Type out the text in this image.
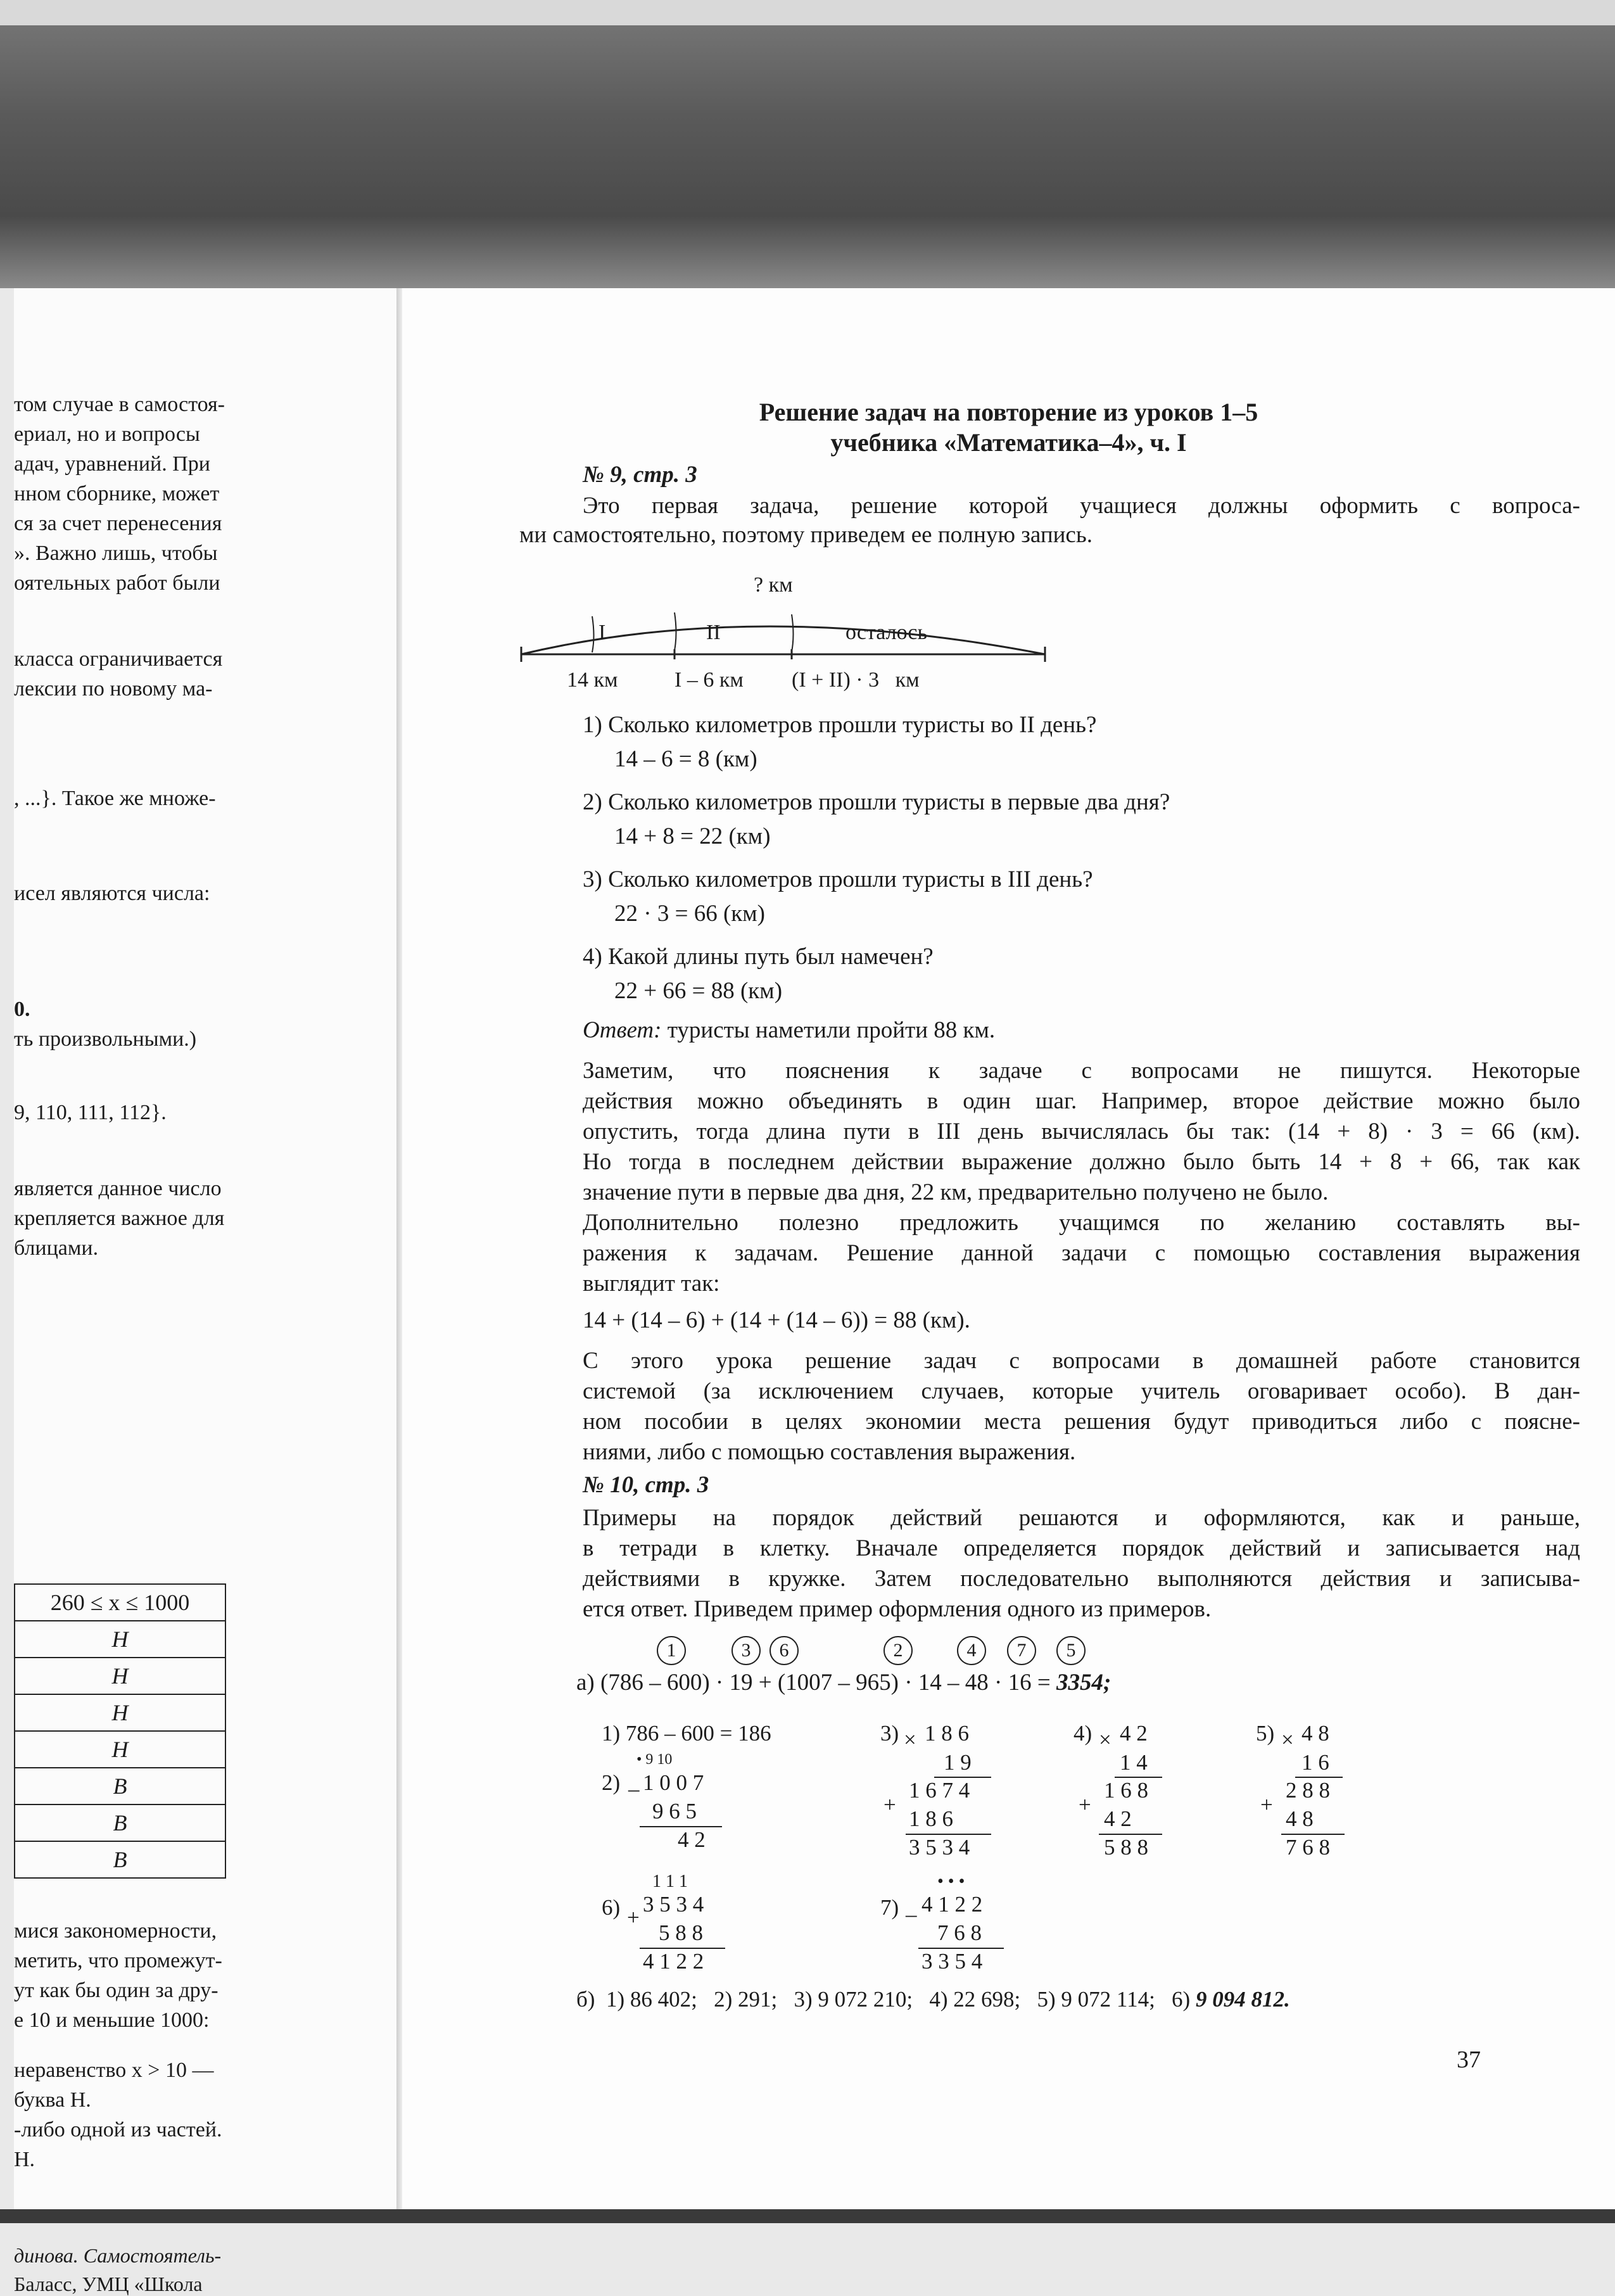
том случае в самостоя-
ериал, но и вопросы
адач, уравнений. При
нном сборнике, может
ся за счет перенесения
». Важно лишь, чтобы
оятельных работ были
класса ограничивается
лексии по новому ма-
, ...}. Такое же множе-
исел являются числа:
0.
ть произвольными.)
9, 110, 111, 112}.
является данное число
крепляется важное для
блицами.
260 ≤ x ≤ 1000
H
H
H
H
B
B
B
мися закономерности,
метить, что промежут-
ут как бы один за дру-
е 10 и меньшие 1000:
неравенство x > 10 —
буква H.
-либо одной из частей.
H.
динова. Самостоятель-
Баласс, УМЦ «Школа
Решение задач на повторение из уроков 1–5
учебника «Математика–4», ч. I
№ 9, стр. 3
Это первая задача, решение которой учащиеся должны оформить с вопроса-
ми самостоятельно, поэтому приведем ее полную запись.
? км
I	II	осталось
14 км	I – 6 км (I + II) · 3   км
1) Сколько километров прошли туристы во II день?
14 – 6 = 8 (км)
2) Сколько километров прошли туристы в первые два дня?
14 + 8 = 22 (км)
3) Сколько километров прошли туристы в III день?
22 · 3 = 66 (км)
4) Какой длины путь был намечен?
22 + 66 = 88 (км)
Ответ: туристы наметили пройти 88 км.
Заметим, что пояснения к задаче с вопросами не пишутся. Некоторые
действия можно объединять в один шаг. Например, второе действие можно было
опустить, тогда длина пути в III день вычислялась бы так: (14 + 8) · 3 = 66 (км).
Но тогда в последнем действии выражение должно было быть 14 + 8 + 66, так как
значение пути в первые два дня, 22 км, предварительно получено не было.
Дополнительно полезно предложить учащимся по желанию составлять вы-
ражения к задачам. Решение данной задачи с помощью составления выражения
выглядит так:
14 + (14 – 6) + (14 + (14 – 6)) = 88 (км).
С этого урока решение задач с вопросами в домашней работе становится
системой (за исключением случаев, которые учитель оговаривает особо). В дан-
ном пособии в целях экономии места решения будут приводиться либо с поясне-
ниями, либо с помощью составления выражения.
№ 10, стр. 3
Примеры на порядок действий решаются и оформляются, как и раньше,
в тетради в клетку. Вначале определяется порядок действий и записывается над
действиями в кружке. Затем последовательно выполняются действия и записыва-
ется ответ. Приведем пример оформления одного из примеров.
1	3	6	2	4	7	5
а) (786 – 600) · 19 + (1007 – 965) · 14 – 48 · 16 = 3354;
1) 786 – 600 = 186
• 9 10
2) – 1 0 0 7
9 6 5
4 2
3) × 1 8 6
1 9
+
1 6 7 4
1 8 6
3 5 3 4
4) × 4 2
1 4
+
1 6 8
4 2
5 8 8
5) × 4 8
1 6
+
2 8 8
4 8
7 6 8
1 1 1
6) +
3 5 3 4
5 8 8
4 1 2 2
• • •
7) – 4 1 2 2
7 6 8
3 3 5 4
б)  1) 86 402;   2) 291;   3) 9 072 210;   4) 22 698;   5) 9 072 114;   6) 9 094 812.
37
